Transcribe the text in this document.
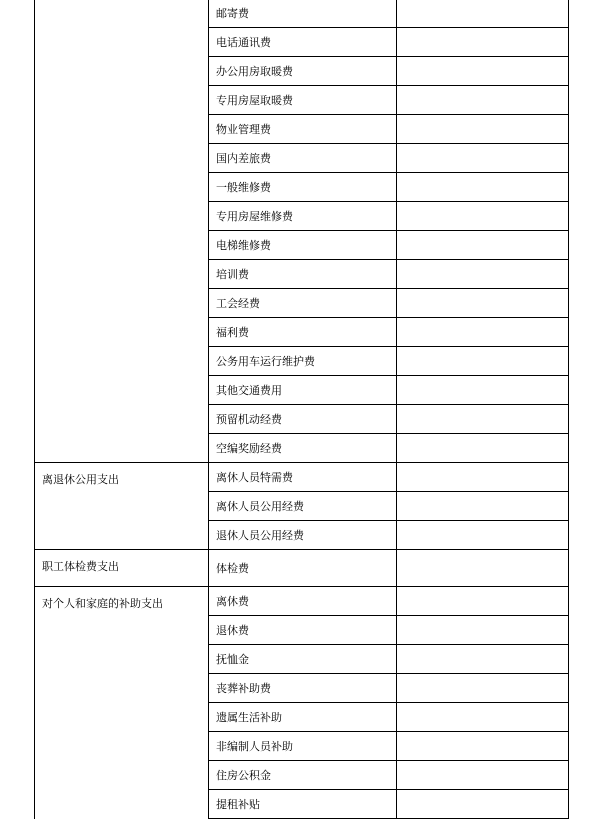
	邮寄费	
	电话通讯费	
	办公用房取暖费	
	专用房屋取暖费	
	物业管理费	
	国内差旅费	
	一般维修费	
	专用房屋维修费	
	电梯维修费	
	培训费	
	工会经费	
	福利费	
	公务用车运行维护费	
	其他交通费用	
	预留机动经费	
	空编奖励经费	
离退休公用支出	离休人员特需费	
	离休人员公用经费	
	退休人员公用经费	
职工体检费支出	体检费	
对个人和家庭的补助支出	离休费	
	退休费	
	抚恤金	
	丧葬补助费	
	遗属生活补助	
	非编制人员补助	
	住房公积金	
	提租补贴	
